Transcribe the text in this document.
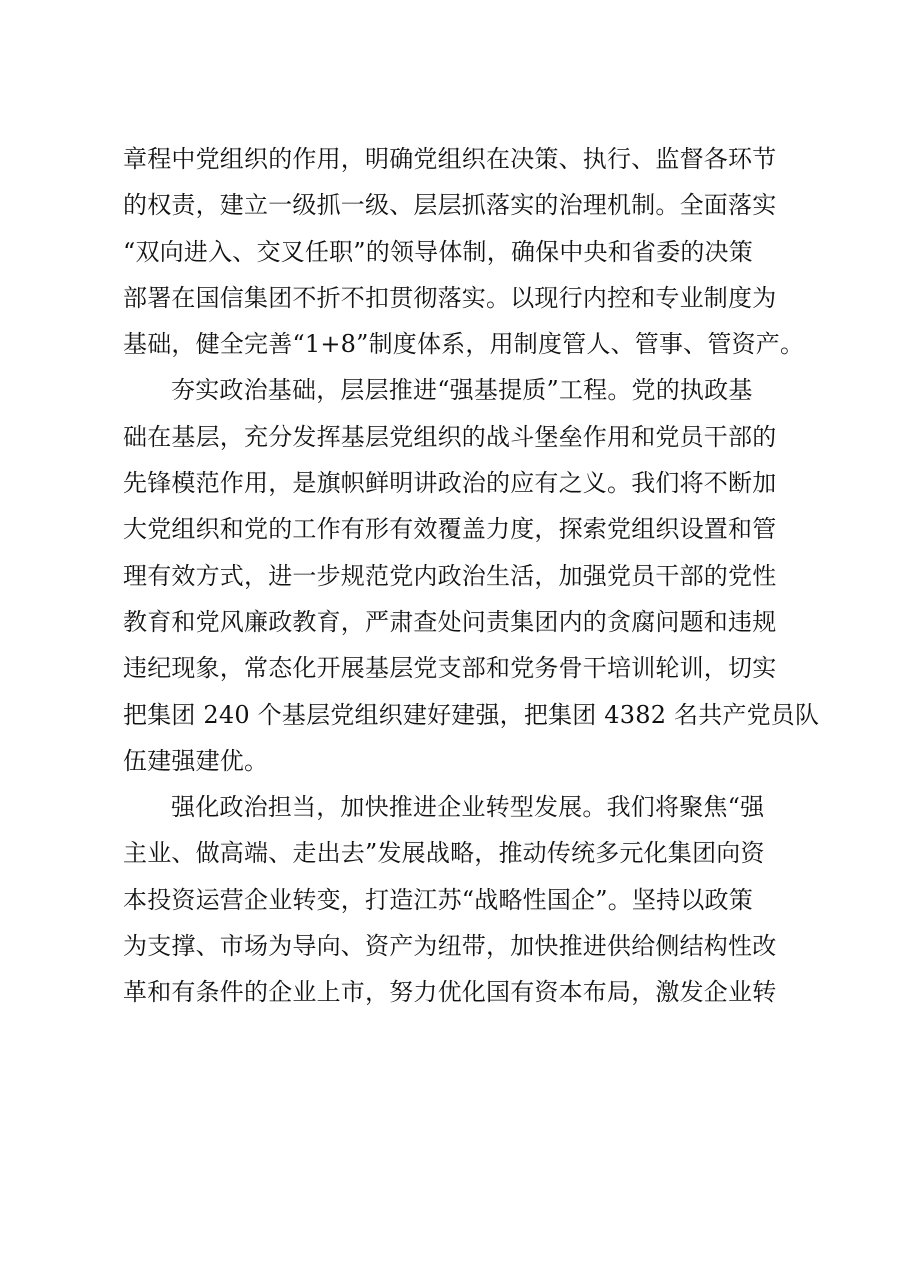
章程中党组织的作用，明确党组织在决策、执行、监督各环节
的权责，建立一级抓一级、层层抓落实的治理机制。全面落实
“双向进入、交叉任职”的领导体制，确保中央和省委的决策
部署在国信集团不折不扣贯彻落实。以现行内控和专业制度为
基础，健全完善“1+8”制度体系，用制度管人、管事、管资产。
夯实政治基础，层层推进“强基提质”工程。党的执政基
础在基层，充分发挥基层党组织的战斗堡垒作用和党员干部的
先锋模范作用，是旗帜鲜明讲政治的应有之义。我们将不断加
大党组织和党的工作有形有效覆盖力度，探索党组织设置和管
理有效方式，进一步规范党内政治生活，加强党员干部的党性
教育和党风廉政教育，严肃查处问责集团内的贪腐问题和违规
违纪现象，常态化开展基层党支部和党务骨干培训轮训，切实
把集团 240 个基层党组织建好建强，把集团 4382 名共产党员队
伍建强建优。
强化政治担当，加快推进企业转型发展。我们将聚焦“强
主业、做高端、走出去”发展战略，推动传统多元化集团向资
本投资运营企业转变，打造江苏“战略性国企”。坚持以政策
为支撑、市场为导向、资产为纽带，加快推进供给侧结构性改
革和有条件的企业上市，努力优化国有资本布局，激发企业转
